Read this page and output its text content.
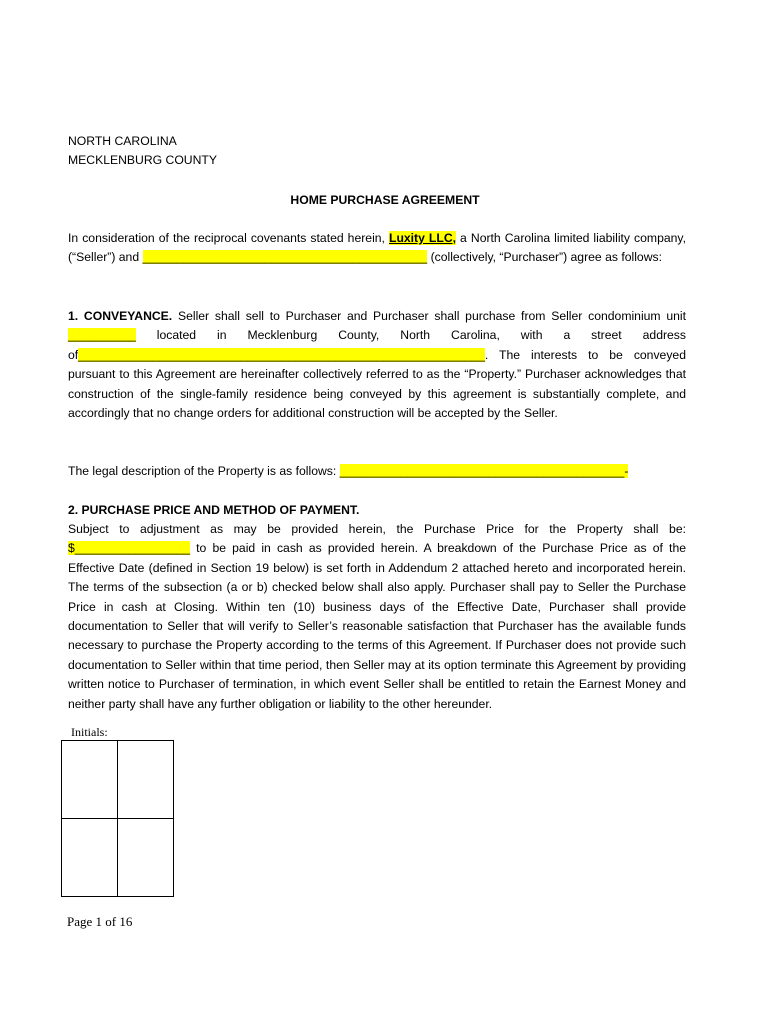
NORTH CAROLINA
MECKLENBURG COUNTY
HOME PURCHASE AGREEMENT

In consideration of the reciprocal covenants stated herein, Luxity LLC, a North Carolina limited liability company, (“Seller”) and __________________________________________ (collectively, “Purchaser”) agree as follows:

1. CONVEYANCE. Seller shall sell to Purchaser and Purchaser shall purchase from Seller condominium unit __________ located in Mecklenburg County, North Carolina, with a street address of____________________________________________________________. The interests to be conveyed pursuant to this Agreement are hereinafter collectively referred to as the “Property.” Purchaser acknowledges that construction of the single-family residence being conveyed by this agreement is substantially complete, and accordingly that no change orders for additional construction will be accepted by the Seller.

The legal description of the Property is as follows: __________________________________________-

2. PURCHASE PRICE AND METHOD OF PAYMENT.

Subject to adjustment as may be provided herein, the Purchase Price for the Property shall be: $_________________ to be paid in cash as provided herein. A breakdown of the Purchase Price as of the Effective Date (defined in Section 19 below) is set forth in Addendum 2 attached hereto and incorporated herein. The terms of the subsection (a or b) checked below shall also apply. Purchaser shall pay to Seller the Purchase Price in cash at Closing. Within ten (10) business days of the Effective Date, Purchaser shall provide documentation to Seller that will verify to Seller’s reasonable satisfaction that Purchaser has the available funds necessary to purchase the Property according to the terms of this Agreement. If Purchaser does not provide such documentation to Seller within that time period, then Seller may at its option terminate this Agreement by providing written notice to Purchaser of termination, in which event Seller shall be entitled to retain the Earnest Money and neither party shall have any further obligation or liability to the other hereunder.

Initials:
Page 1 of 16
